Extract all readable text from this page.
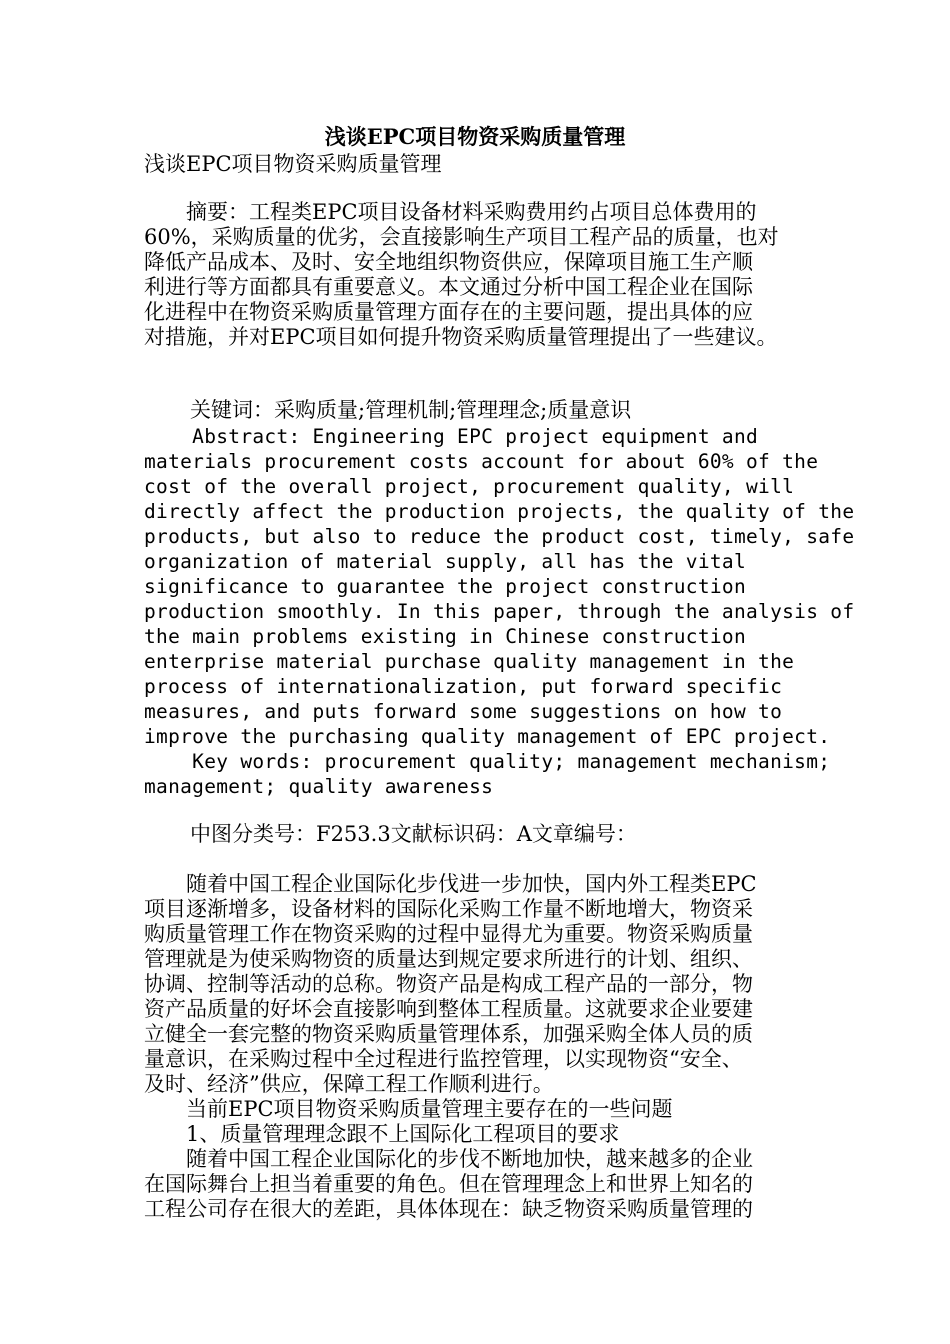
浅谈EPC项目物资采购质量管理
浅谈EPC项目物资采购质量管理
　　摘要：工程类EPC项目设备材料采购费用约占项目总体费用的
60%，采购质量的优劣，会直接影响生产项目工程产品的质量，也对
降低产品成本、及时、安全地组织物资供应，保障项目施工生产顺
利进行等方面都具有重要意义。本文通过分析中国工程企业在国际
化进程中在物资采购质量管理方面存在的主要问题，提出具体的应
对措施，并对EPC项目如何提升物资采购质量管理提出了一些建议。
关键词：采购质量;管理机制;管理理念;质量意识
Abstract: Engineering EPC project equipment and
materials procurement costs account for about 60% of the
cost of the overall project, procurement quality, will
directly affect the production projects, the quality of the
products, but also to reduce the product cost, timely, safe
organization of material supply, all has the vital
significance to guarantee the project construction
production smoothly. In this paper, through the analysis of
the main problems existing in Chinese construction
enterprise material purchase quality management in the
process of internationalization, put forward specific
measures, and puts forward some suggestions on how to
improve the purchasing quality management of EPC project.
Key words: procurement quality; management mechanism;
management; quality awareness
中图分类号：F253.3文献标识码：A文章编号：
　　随着中国工程企业国际化步伐进一步加快，国内外工程类EPC
项目逐渐增多，设备材料的国际化采购工作量不断地增大，物资采
购质量管理工作在物资采购的过程中显得尤为重要。物资采购质量
管理就是为使采购物资的质量达到规定要求所进行的计划、组织、
协调、控制等活动的总称。物资产品是构成工程产品的一部分，物
资产品质量的好坏会直接影响到整体工程质量。这就要求企业要建
立健全一套完整的物资采购质量管理体系，加强采购全体人员的质
量意识，在采购过程中全过程进行监控管理，以实现物资“安全、
及时、经济”供应，保障工程工作顺利进行。
　　当前EPC项目物资采购质量管理主要存在的一些问题
　　1、质量管理理念跟不上国际化工程项目的要求
　　随着中国工程企业国际化的步伐不断地加快，越来越多的企业
在国际舞台上担当着重要的角色。但在管理理念上和世界上知名的
工程公司存在很大的差距，具体体现在：缺乏物资采购质量管理的
